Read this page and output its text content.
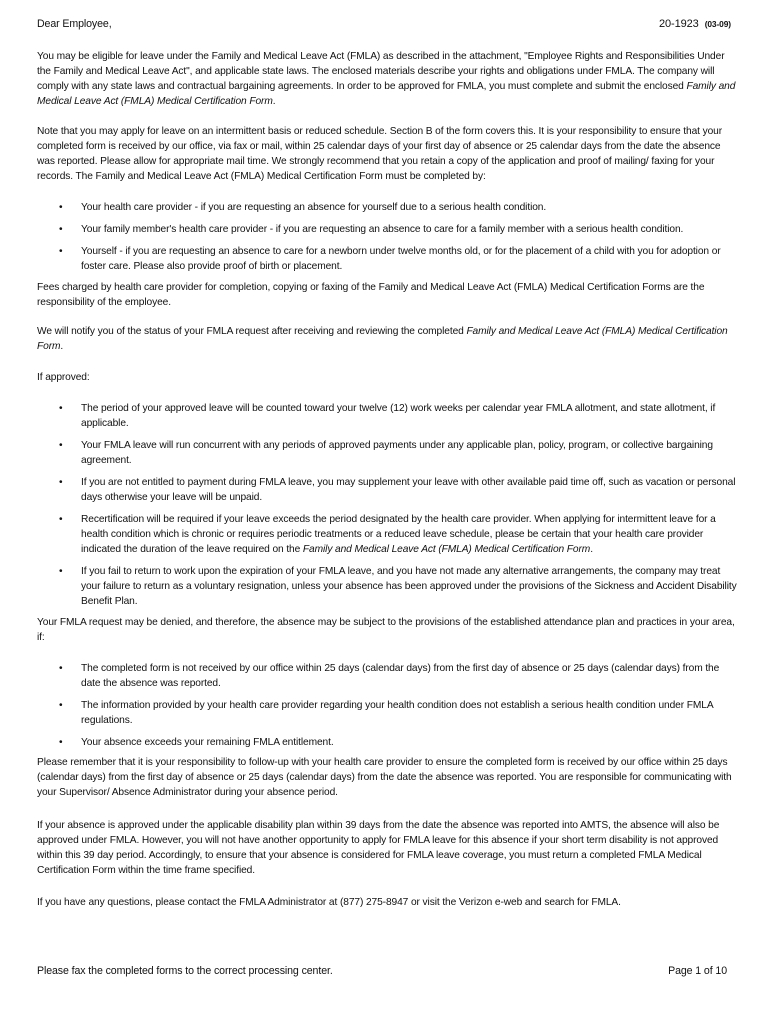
Dear Employee,	20-1923 (03-09)

You may be eligible for leave under the Family and Medical Leave Act (FMLA) as described in the attachment, "Employee Rights and Responsibilities Under the Family and Medical Leave Act", and applicable state laws. The enclosed materials describe your rights and obligations under FMLA. The company will comply with any state laws and contractual bargaining agreements. In order to be approved for FMLA, you must complete and submit the enclosed Family and Medical Leave Act (FMLA) Medical Certification Form.

Note that you may apply for leave on an intermittent basis or reduced schedule. Section B of the form covers this. It is your responsibility to ensure that your completed form is received by our office, via fax or mail, within 25 calendar days of your first day of absence or 25 calendar days from the date the absence was reported. Please allow for appropriate mail time. We strongly recommend that you retain a copy of the application and proof of mailing/ faxing for your records. The Family and Medical Leave Act (FMLA) Medical Certification Form must be completed by:

• Your health care provider - if you are requesting an absence for yourself due to a serious health condition.
• Your family member's health care provider - if you are requesting an absence to care for a family member with a serious health condition.
• Yourself - if you are requesting an absence to care for a newborn under twelve months old, or for the placement of a child with you for adoption or foster care. Please also provide proof of birth or placement.

Fees charged by health care provider for completion, copying or faxing of the Family and Medical Leave Act (FMLA) Medical Certification Forms are the responsibility of the employee.

We will notify you of the status of your FMLA request after receiving and reviewing the completed Family and Medical Leave Act (FMLA) Medical Certification Form.

If approved:

• The period of your approved leave will be counted toward your twelve (12) work weeks per calendar year FMLA allotment, and state allotment, if applicable.
• Your FMLA leave will run concurrent with any periods of approved payments under any applicable plan, policy, program, or collective bargaining agreement.
• If you are not entitled to payment during FMLA leave, you may supplement your leave with other available paid time off, such as vacation or personal days otherwise your leave will be unpaid.
• Recertification will be required if your leave exceeds the period designated by the health care provider. When applying for intermittent leave for a health condition which is chronic or requires periodic treatments or a reduced leave schedule, please be certain that your health care provider indicated the duration of the leave required on the Family and Medical Leave Act (FMLA) Medical Certification Form.
• If you fail to return to work upon the expiration of your FMLA leave, and you have not made any alternative arrangements, the company may treat your failure to return as a voluntary resignation, unless your absence has been approved under the provisions of the Sickness and Accident Disability Benefit Plan.

Your FMLA request may be denied, and therefore, the absence may be subject to the provisions of the established attendance plan and practices in your area, if:

• The completed form is not received by our office within 25 days (calendar days) from the first day of absence or 25 days (calendar days) from the date the absence was reported.
• The information provided by your health care provider regarding your health condition does not establish a serious health condition under FMLA regulations.
• Your absence exceeds your remaining FMLA entitlement.

Please remember that it is your responsibility to follow-up with your health care provider to ensure the completed form is received by our office within 25 days (calendar days) from the first day of absence or 25 days (calendar days) from the date the absence was reported. You are responsible for communicating with your Supervisor/ Absence Administrator during your absence period.

If your absence is approved under the applicable disability plan within 39 days from the date the absence was reported into AMTS, the absence will also be approved under FMLA. However, you will not have another opportunity to apply for FMLA leave for this absence if your short term disability is not approved within this 39 day period. Accordingly, to ensure that your absence is considered for FMLA leave coverage, you must return a completed FMLA Medical Certification Form within the time frame specified.

If you have any questions, please contact the FMLA Administrator at (877) 275-8947 or visit the Verizon e-web and search for FMLA.

Please fax the completed forms to the correct processing center.	Page 1 of 10
